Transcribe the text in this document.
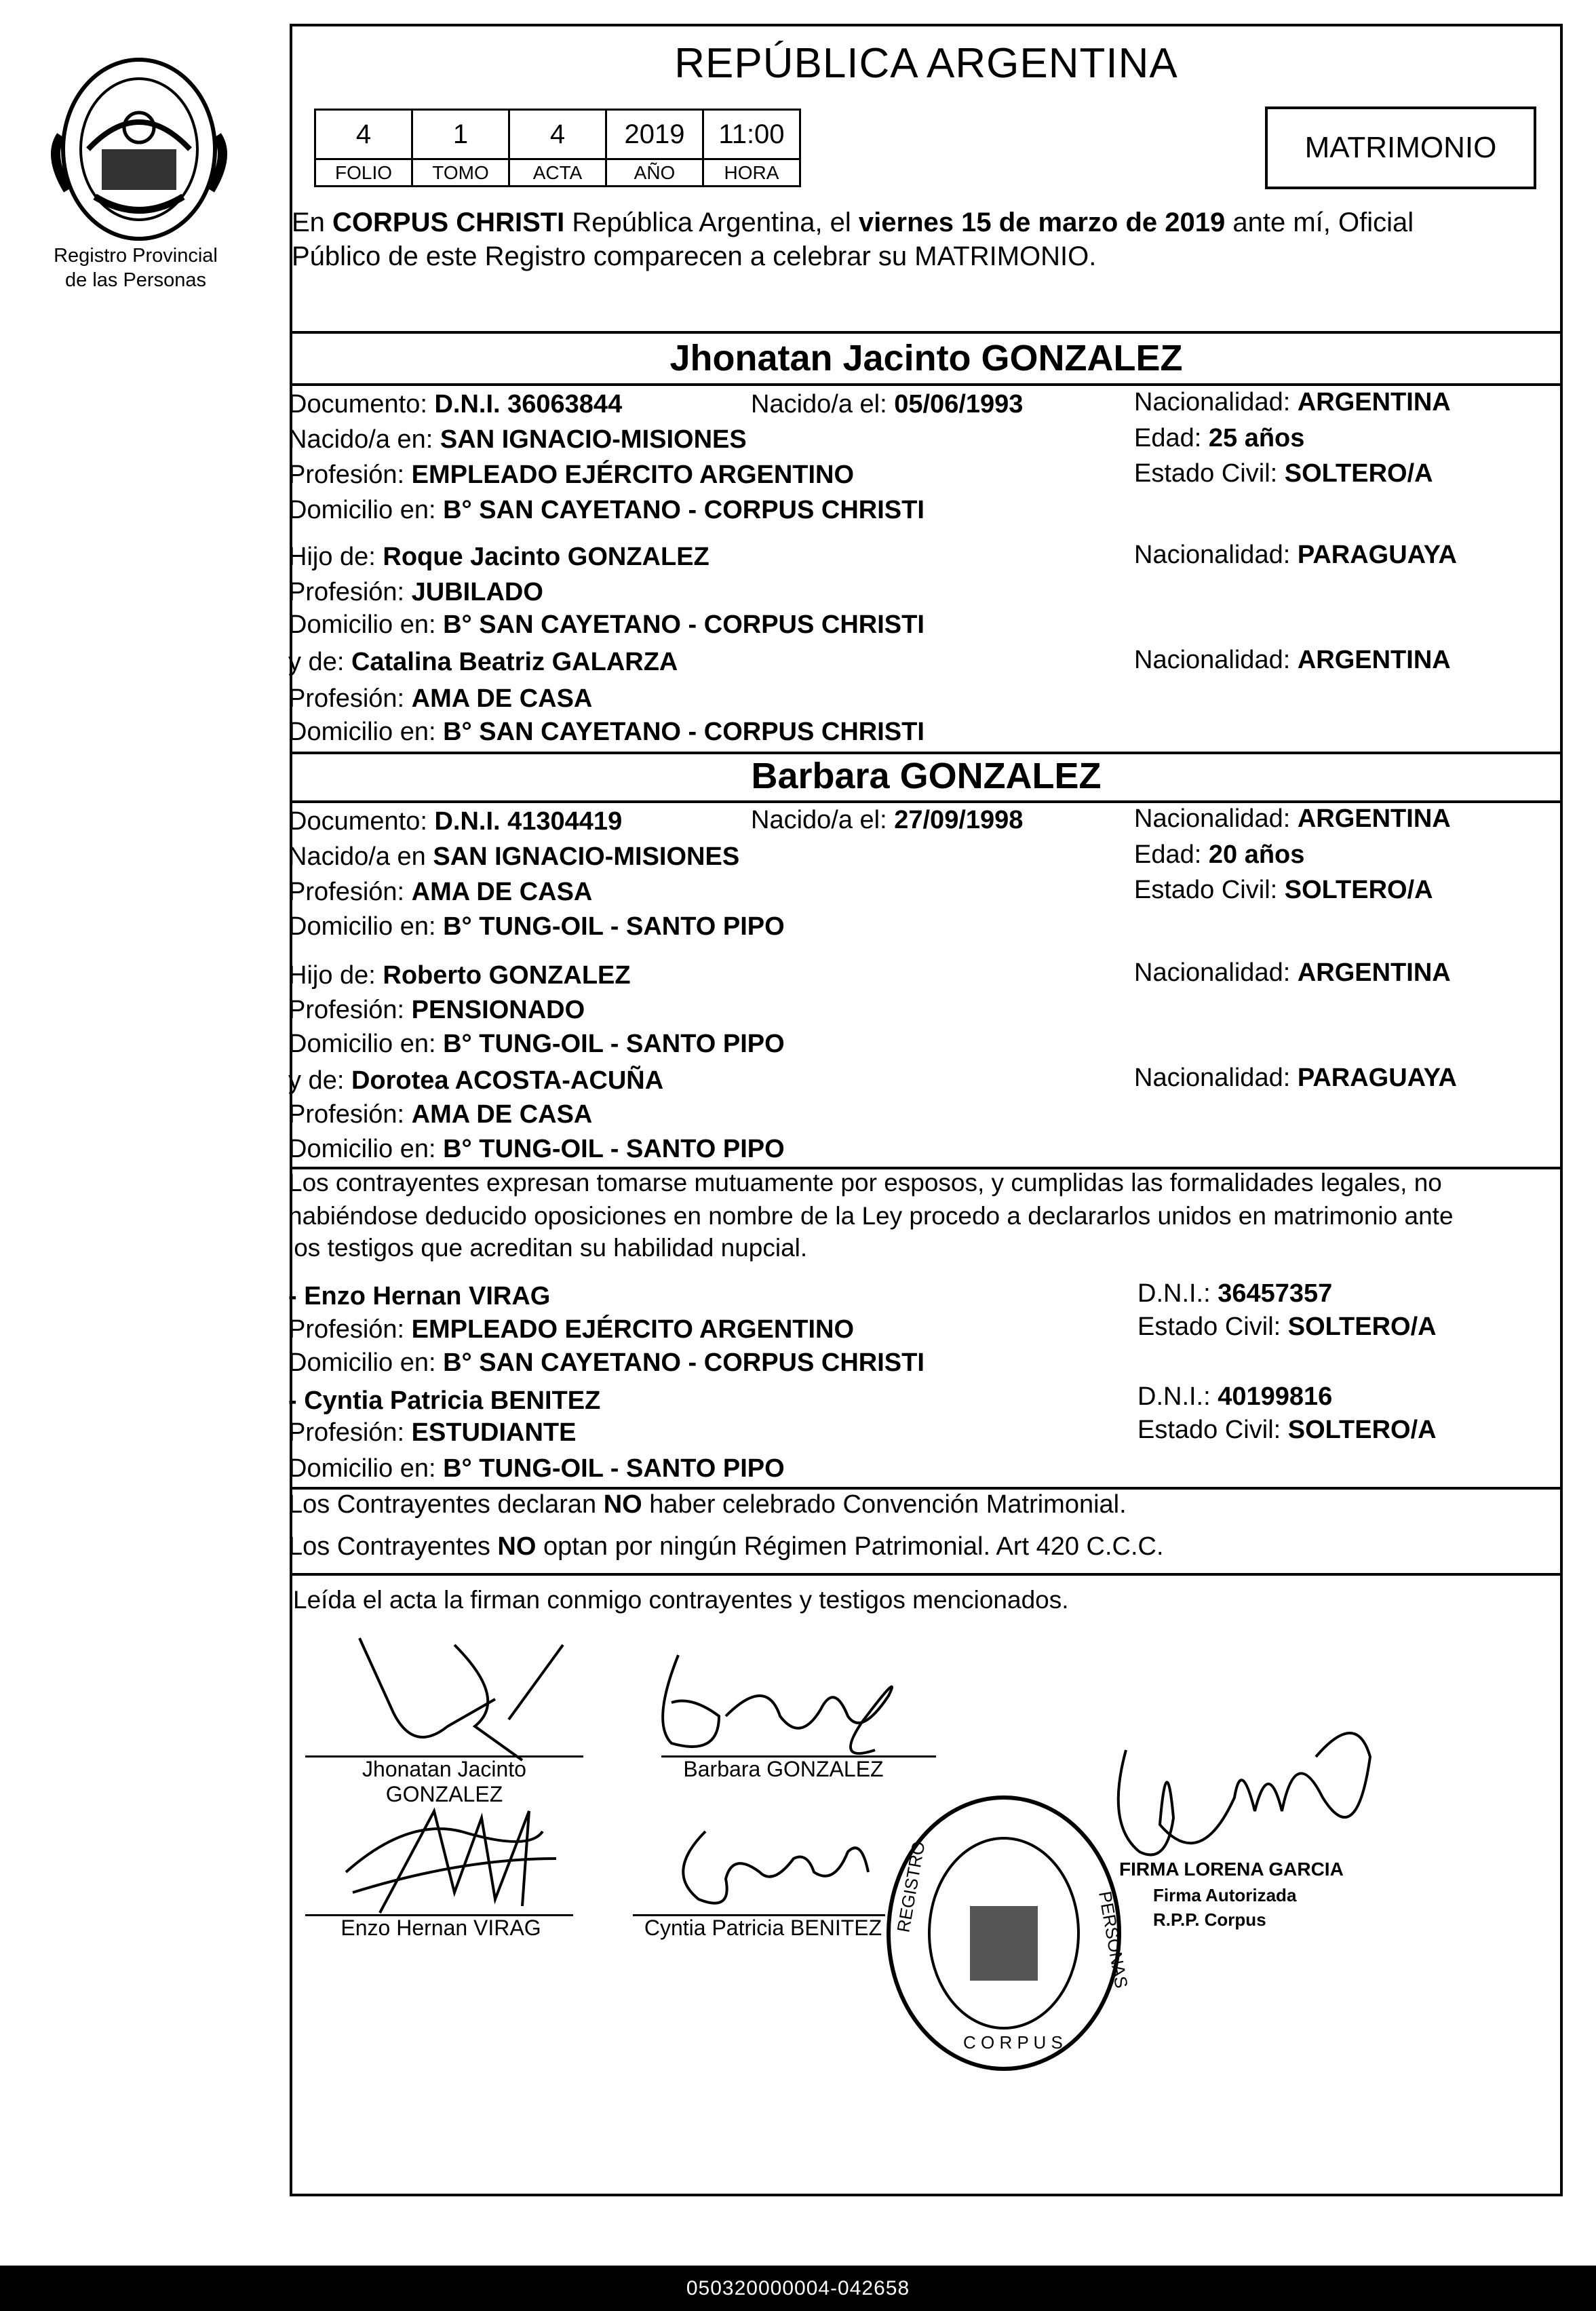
Registro Provincial
de las Personas
REPÚBLICA ARGENTINA
4	1	4	2019	11:00
FOLIO	TOMO	ACTA	AÑO	HORA
MATRIMONIO
En CORPUS CHRISTI República Argentina, el viernes 15 de marzo de 2019 ante mí, Oficial
Público de este Registro comparecen a celebrar su MATRIMONIO.
Jhonatan Jacinto GONZALEZ
Documento: D.N.I. 36063844	Nacido/a el: 05/06/1993	Nacionalidad: ARGENTINA
Nacido/a en: SAN IGNACIO-MISIONES	Edad: 25 años
Profesión: EMPLEADO EJÉRCITO ARGENTINO	Estado Civil: SOLTERO/A
Domicilio en: B° SAN CAYETANO - CORPUS CHRISTI
Hijo de: Roque Jacinto GONZALEZ	Nacionalidad: PARAGUAYA
Profesión: JUBILADO
Domicilio en: B° SAN CAYETANO - CORPUS CHRISTI
y de: Catalina Beatriz GALARZA	Nacionalidad: ARGENTINA
Profesión: AMA DE CASA
Domicilio en: B° SAN CAYETANO - CORPUS CHRISTI
Barbara GONZALEZ
Documento: D.N.I. 41304419	Nacido/a el: 27/09/1998	Nacionalidad: ARGENTINA
Nacido/a en SAN IGNACIO-MISIONES	Edad: 20 años
Profesión: AMA DE CASA	Estado Civil: SOLTERO/A
Domicilio en: B° TUNG-OIL - SANTO PIPO
Hijo de: Roberto GONZALEZ	Nacionalidad: ARGENTINA
Profesión: PENSIONADO
Domicilio en: B° TUNG-OIL - SANTO PIPO
y de: Dorotea ACOSTA-ACUÑA	Nacionalidad: PARAGUAYA
Profesión: AMA DE CASA
Domicilio en: B° TUNG-OIL - SANTO PIPO
Los contrayentes expresan tomarse mutuamente por esposos, y cumplidas las formalidades legales, no
habiéndose deducido oposiciones en nombre de la Ley procedo a declararlos unidos en matrimonio ante
los testigos que acreditan su habilidad nupcial.
- Enzo Hernan VIRAG	D.N.I.: 36457357
Profesión: EMPLEADO EJÉRCITO ARGENTINO	Estado Civil: SOLTERO/A
Domicilio en: B° SAN CAYETANO - CORPUS CHRISTI
- Cyntia Patricia BENITEZ	D.N.I.: 40199816
Profesión: ESTUDIANTE	Estado Civil: SOLTERO/A
Domicilio en: B° TUNG-OIL - SANTO PIPO
Los Contrayentes declaran NO haber celebrado Convención Matrimonial.
Los Contrayentes NO optan por ningún Régimen Patrimonial. Art 420 C.C.C.
Leída el acta la firman conmigo contrayentes y testigos mencionados.
Jhonatan Jacinto
GONZALEZ
Barbara GONZALEZ
Enzo Hernan VIRAG	Cyntia Patricia BENITEZ REGISTRO
PERSONAS
C O R P U S
FIRMA LORENA GARCIA
Firma Autorizada
R.P.P. Corpus
050320000004-042658
